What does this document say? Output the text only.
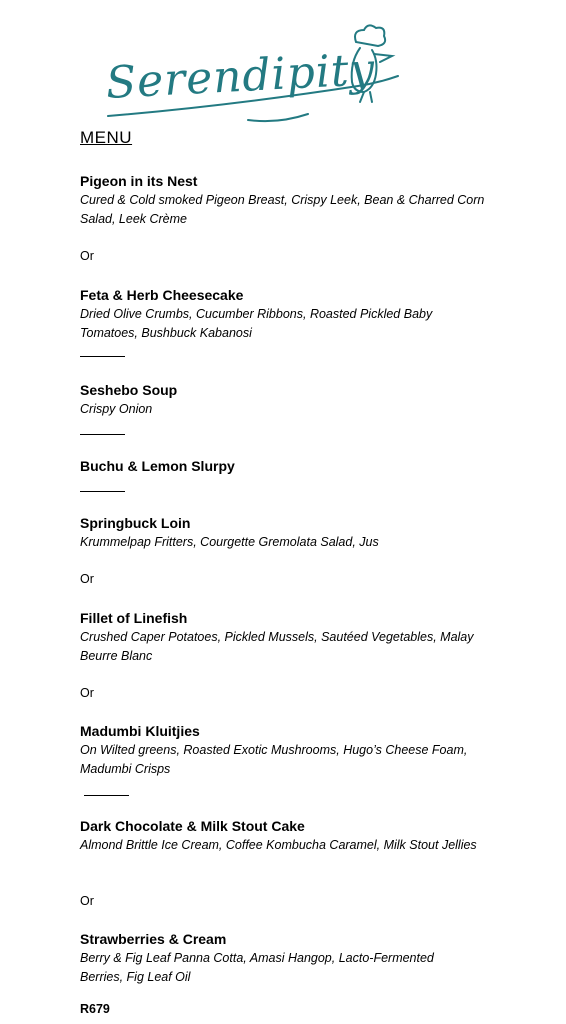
Serendipity
MENU
Pigeon in its Nest
Cured & Cold smoked Pigeon Breast, Crispy Leek, Bean & Charred Corn Salad, Leek Crème
Or
Feta & Herb Cheesecake
Dried Olive Crumbs, Cucumber Ribbons, Roasted Pickled Baby Tomatoes, Bushbuck Kabanosi
Seshebo Soup
Crispy Onion
Buchu & Lemon Slurpy
Springbuck Loin
Krummelpap Fritters, Courgette Gremolata Salad, Jus
Or
Fillet of Linefish
Crushed Caper Potatoes, Pickled Mussels, Sautéed Vegetables, Malay Beurre Blanc
Or
Madumbi Kluitjies
On Wilted greens, Roasted Exotic Mushrooms, Hugo’s Cheese Foam, Madumbi Crisps
Dark Chocolate & Milk Stout Cake
Almond Brittle Ice Cream, Coffee Kombucha Caramel, Milk Stout Jellies
Or
Strawberries & Cream
Berry & Fig Leaf Panna Cotta, Amasi Hangop, Lacto-Fermented Berries, Fig Leaf Oil
R679
